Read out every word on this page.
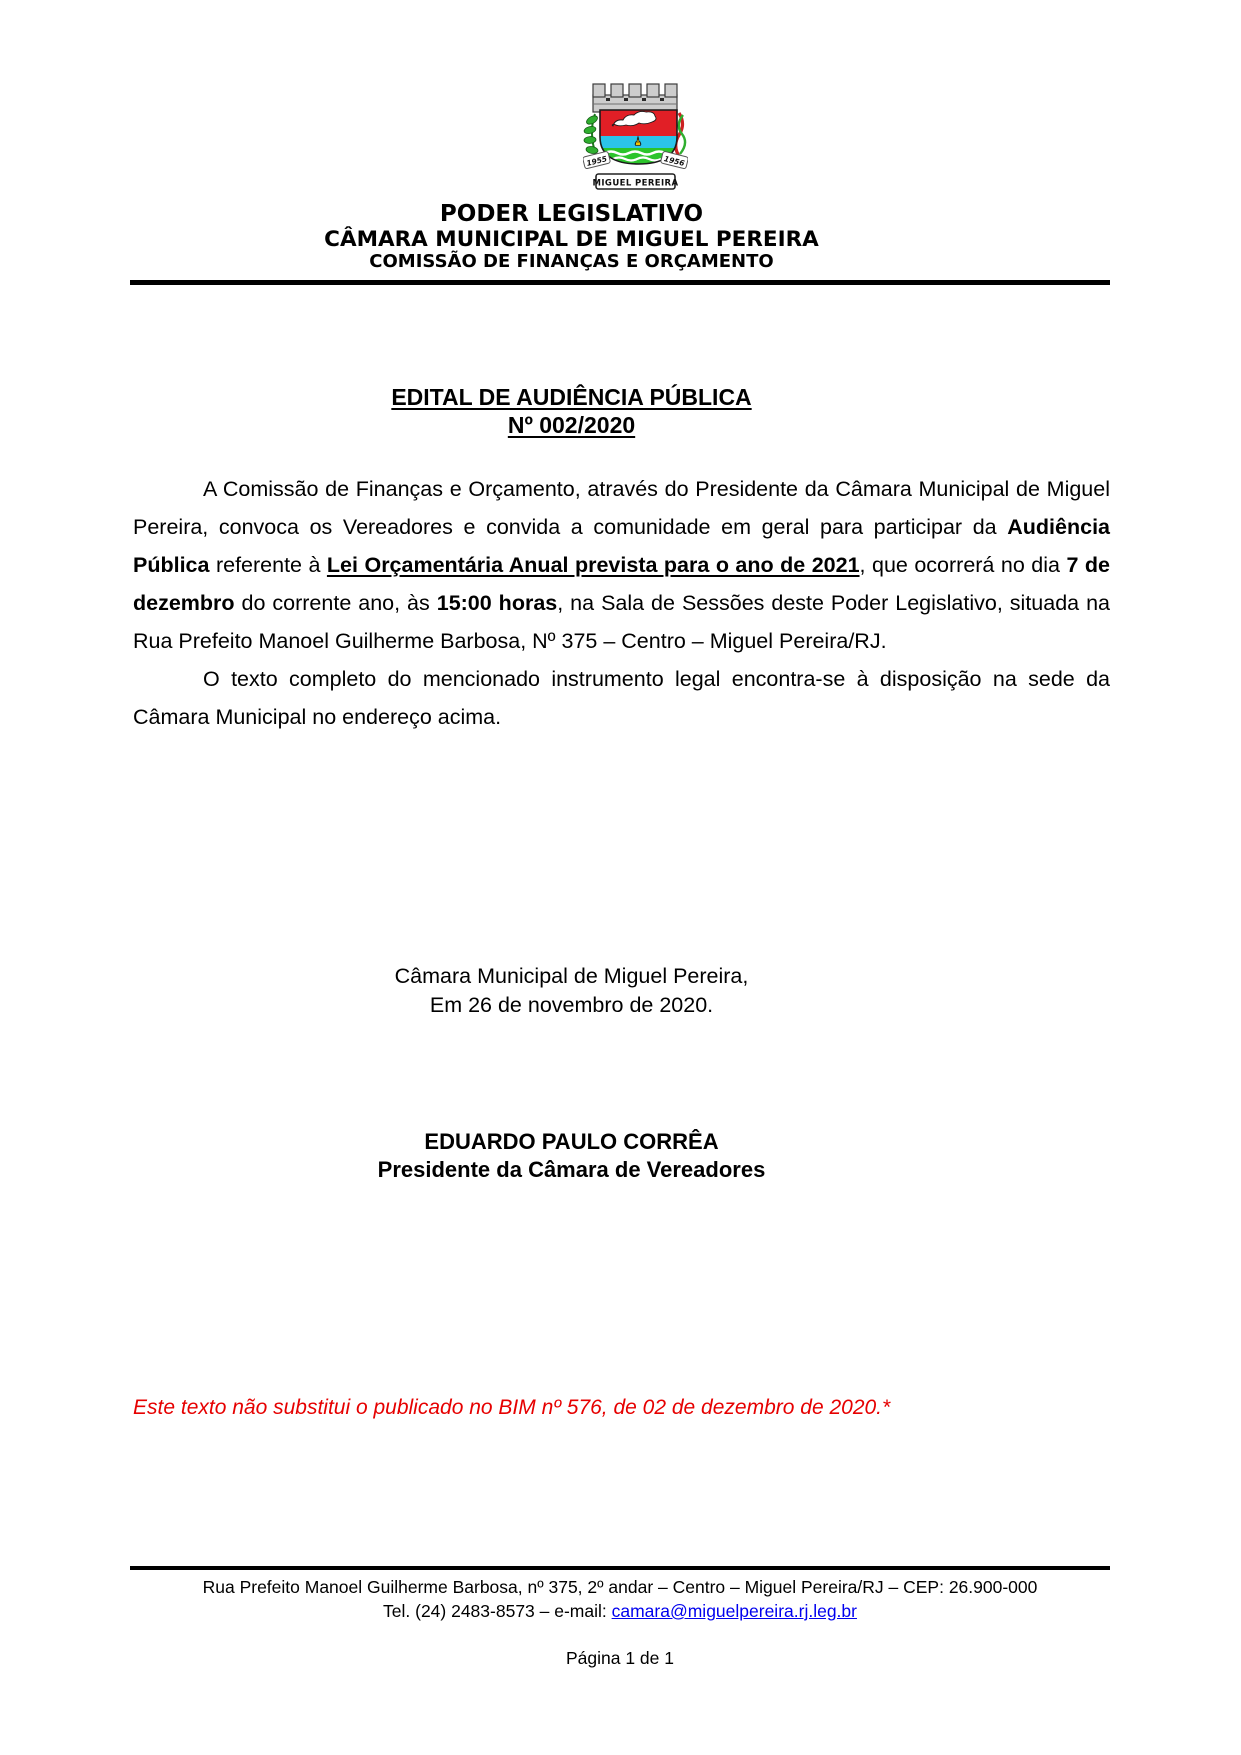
1955	1956
MIGUEL PEREIRA
PODER LEGISLATIVO
CÂMARA MUNICIPAL DE MIGUEL PEREIRA
COMISSÃO DE FINANÇAS E ORÇAMENTO
EDITAL DE AUDIÊNCIA PÚBLICA
Nº 002/2020

A Comissão de Finanças e Orçamento, através do Presidente da Câmara Municipal de Miguel Pereira, convoca os Vereadores e convida a comunidade em geral para participar da Audiência Pública referente à Lei Orçamentária Anual prevista para o ano de 2021, que ocorrerá no dia 7 de dezembro do corrente ano, às 15:00 horas, na Sala de Sessões deste Poder Legislativo, situada na Rua Prefeito Manoel Guilherme Barbosa, Nº 375 – Centro – Miguel Pereira/RJ.

O texto completo do mencionado instrumento legal encontra-se à disposição na sede da Câmara Municipal no endereço acima.

Câmara Municipal de Miguel Pereira,
Em 26 de novembro de 2020.
EDUARDO PAULO CORRÊA
Presidente da Câmara de Vereadores
Este texto não substitui o publicado no BIM nº 576, de 02 de dezembro de 2020.*
Rua Prefeito Manoel Guilherme Barbosa, nº 375, 2º andar – Centro – Miguel Pereira/RJ – CEP: 26.900-000
Tel. (24) 2483-8573 – e-mail: camara@miguelpereira.rj.leg.br
Página 1 de 1
